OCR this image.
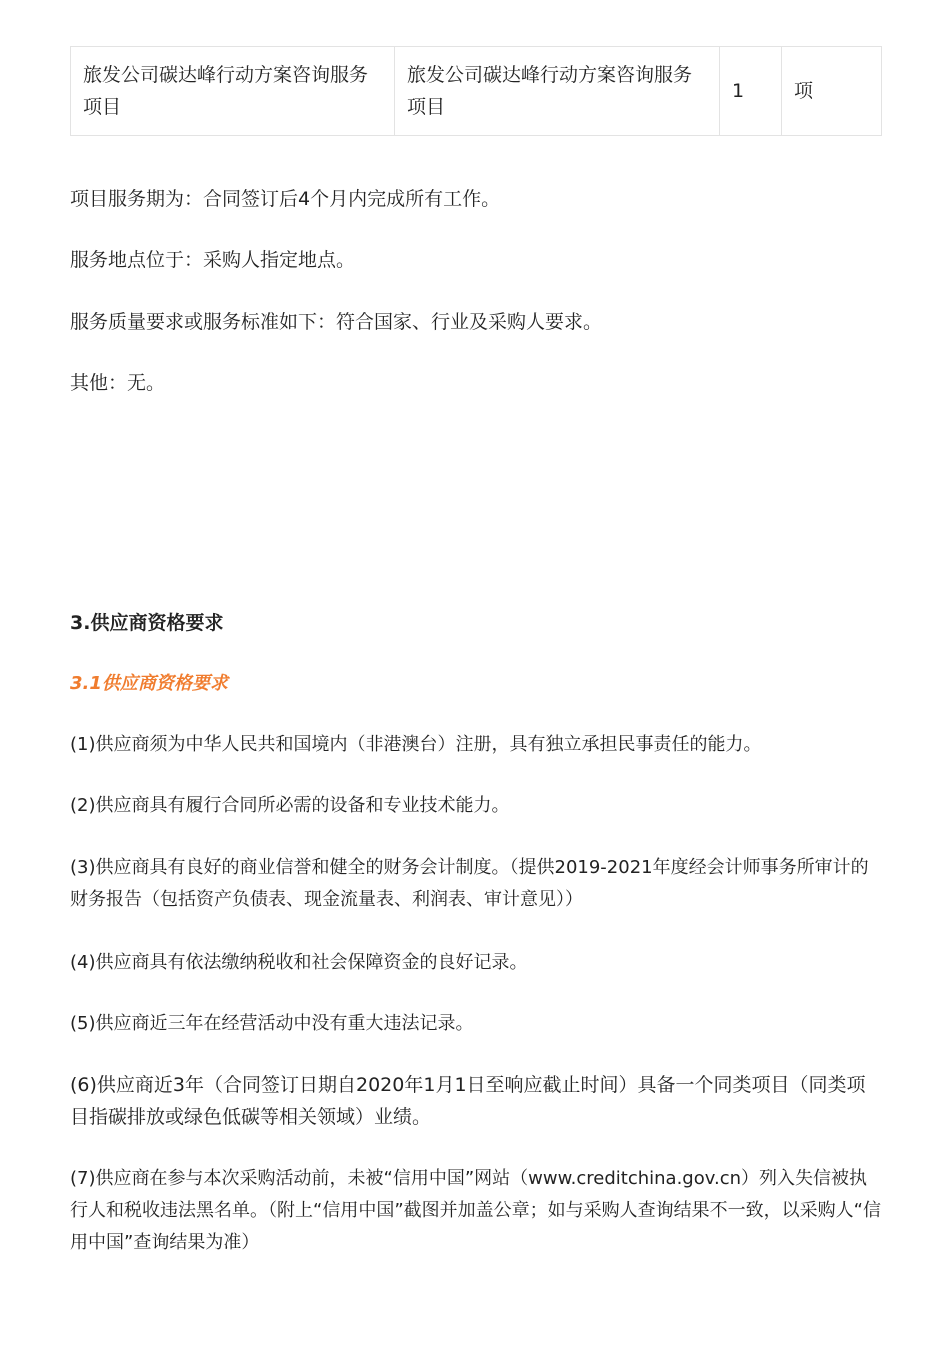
旅发公司碳达峰行动方案咨询服务项目	旅发公司碳达峰行动方案咨询服务项目	1	项

项目服务期为：合同签订后4个月内完成所有工作。

服务地点位于：采购人指定地点。

服务质量要求或服务标准如下：符合国家、行业及采购人要求。

其他：无。

3.供应商资格要求

3.1供应商资格要求

(1)供应商须为中华人民共和国境内（非港澳台）注册，具有独立承担民事责任的能力。

(2)供应商具有履行合同所必需的设备和专业技术能力。

(3)供应商具有良好的商业信誉和健全的财务会计制度。（提供2019-2021年度经会计师事务所审计的财务报告（包括资产负债表、现金流量表、利润表、审计意见））

(4)供应商具有依法缴纳税收和社会保障资金的良好记录。

(5)供应商近三年在经营活动中没有重大违法记录。

(6)供应商近3年（合同签订日期自2020年1月1日至响应截止时间）具备一个同类项目（同类项目指碳排放或绿色低碳等相关领域）业绩。

(7)供应商在参与本次采购活动前，未被“信用中国”网站（www.creditchina.gov.cn）列入失信被执行人和税收违法黑名单。（附上“信用中国”截图并加盖公章；如与采购人查询结果不一致，以采购人“信用中国”查询结果为准）
